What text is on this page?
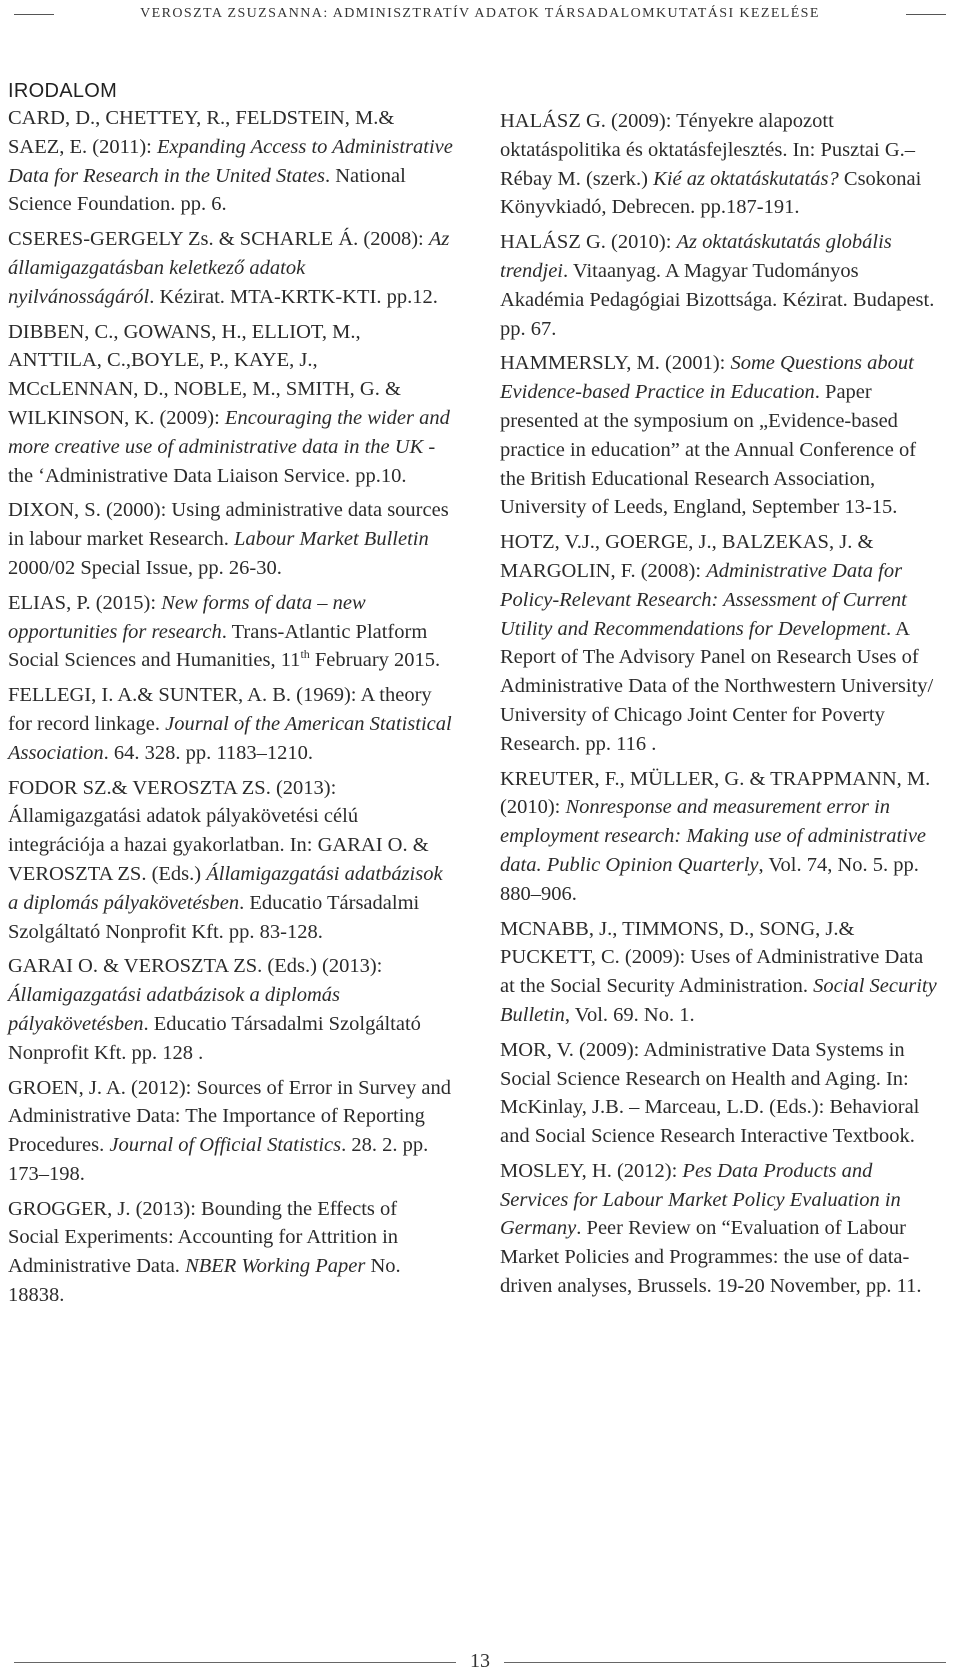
VEROSZTA ZSUZSANNA: ADMINISZTRATÍV ADATOK TÁRSADALOMKUTATÁSI KEZELÉSE
IRODALOM

CARD, D., CHETTEY, R., FELDSTEIN, M.& SAEZ, E. (2011): Expanding Access to Administrative Data for Research in the United States. National Science Foundation. pp. 6.

CSERES-GERGELY Zs. & SCHARLE Á. (2008): Az államigazgatásban keletkező adatok nyilvánosságáról. Kézirat. MTA-KRTK-KTI. pp.12.

DIBBEN, C., GOWANS, H., ELLIOT, M., ANTTILA, C.,BOYLE, P., KAYE, J., MCcLENNAN, D., NOBLE, M., SMITH, G. & WILKINSON, K. (2009): Encouraging the wider and more creative use of administrative data in the UK - the ‘Administrative Data Liaison Service. pp.10.

DIXON, S. (2000): Using administrative data sources in labour market Research. Labour Market Bulletin 2000/02 Special Issue, pp. 26-30.

ELIAS, P. (2015): New forms of data – new opportunities for research. Trans-Atlantic Platform Social Sciences and Humanities, 11th February 2015.

FELLEGI, I. A.& SUNTER, A. B. (1969): A theory for record linkage. Journal of the American Statistical Association. 64. 328. pp. 1183–1210.

FODOR SZ.& VEROSZTA ZS. (2013): Államigazgatási adatok pályakövetési célú integrációja a hazai gyakorlatban. In: GARAI O. & VEROSZTA ZS. (Eds.) Államigazgatási adatbázisok a diplomás pályakövetésben. Educatio Társadalmi Szolgáltató Nonprofit Kft. pp. 83-128.

GARAI O. & VEROSZTA ZS. (Eds.) (2013): Államigazgatási adatbázisok a diplomás pályakövetésben. Educatio Társadalmi Szolgáltató Nonprofit Kft. pp. 128 .

GROEN, J. A. (2012): Sources of Error in Survey and Administrative Data: The Importance of Reporting Procedures. Journal of Official Statistics. 28. 2. pp. 173–198.

GROGGER, J. (2013): Bounding the Effects of Social Experiments: Accounting for Attrition in Administrative Data. NBER Working Paper No. 18838.

HALÁSZ G. (2009): Tényekre alapozott oktatáspolitika és oktatásfejlesztés. In: Pusztai G.– Rébay M. (szerk.) Kié az oktatáskutatás? Csokonai Könyvkiadó, Debrecen. pp.187-191.

HALÁSZ G. (2010): Az oktatáskutatás globális trendjei. Vitaanyag. A Magyar Tudományos Akadémia Pedagógiai Bizottsága. Kézirat. Budapest. pp. 67.

HAMMERSLY, M. (2001): Some Questions about Evidence-based Practice in Education. Paper presented at the symposium on „Evidence-based practice in education” at the Annual Conference of the British Educational Research Association, University of Leeds, England, September 13-15.

HOTZ, V.J., GOERGE, J., BALZEKAS, J. & MARGOLIN, F. (2008): Administrative Data for Policy-Relevant Research: Assessment of Current Utility and Recommendations for Development. A Report of The Advisory Panel on Research Uses of Administrative Data of the Northwestern University/ University of Chicago Joint Center for Poverty Research. pp. 116 .

KREUTER, F., MÜLLER, G. & TRAPPMANN, M. (2010): Nonresponse and measurement error in employment research: Making use of administrative data. Public Opinion Quarterly, Vol. 74, No. 5. pp. 880–906.

MCNABB, J., TIMMONS, D., SONG, J.& PUCKETT, C. (2009): Uses of Administrative Data at the Social Security Administration. Social Security Bulletin, Vol. 69. No. 1.

MOR, V. (2009): Administrative Data Systems in Social Science Research on Health and Aging. In: McKinlay, J.B. – Marceau, L.D. (Eds.): Behavioral and Social Science Research Interactive Textbook.

MOSLEY, H. (2012): Pes Data Products and Services for Labour Market Policy Evaluation in Germany. Peer Review on “Evaluation of Labour Market Policies and Programmes: the use of data-driven analyses, Brussels. 19-20 November, pp. 11.

13
